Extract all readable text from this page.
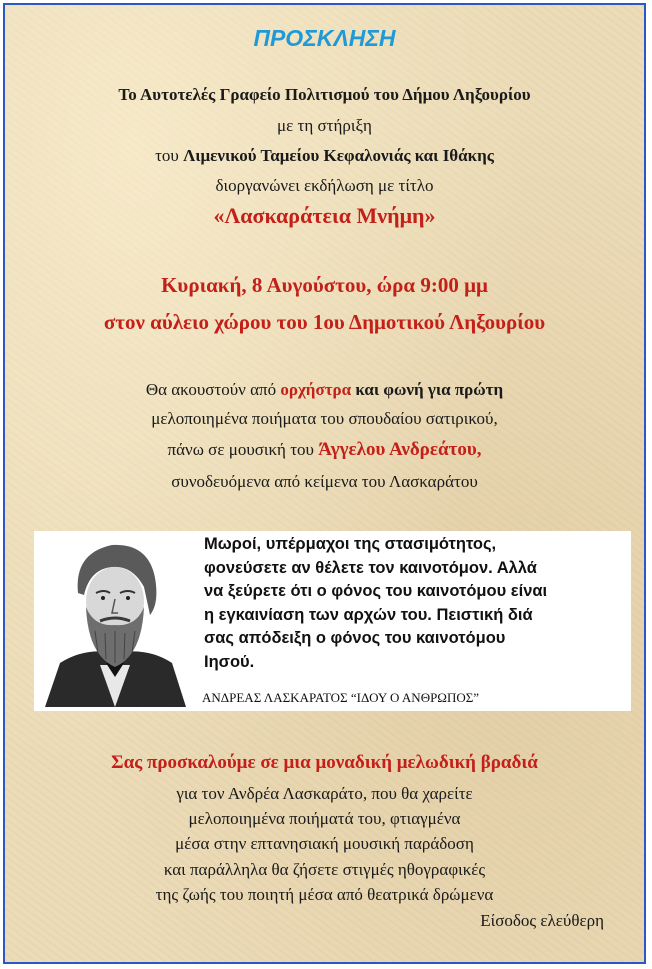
ΠΡΟΣΚΛΗΣΗ
Το Αυτοτελές Γραφείο Πολιτισμού του Δήμου Ληξουρίου
με τη στήριξη
του Λιμενικού Ταμείου Κεφαλονιάς και Ιθάκης
διοργανώνει εκδήλωση με τίτλο
«Λασκαράτεια Μνήμη»
Κυριακή, 8 Αυγούστου, ώρα 9:00 μμ
στον αύλειο χώρου του 1ου Δημοτικού Ληξουρίου
Θα ακουστούν από ορχήστρα και φωνή για πρώτη
μελοποιημένα ποιήματα του σπουδαίου σατιρικού,
πάνω σε μουσική του Άγγελου Ανδρεάτου,
συνοδευόμενα από κείμενα του Λασκαράτου
Μωροί, υπέρμαχοι της στασιμότητος,
φονεύσετε αν θέλετε τον καινοτόμον. Αλλά
να ξεύρετε ότι ο φόνος του καινοτόμου είναι
η εγκαινίαση των αρχών του. Πειστική διά
σας απόδειξη ο φόνος του καινοτόμου
Ιησού.
ΑΝΔΡΕΑΣ ΛΑΣΚΑΡΑΤΟΣ “ΙΔΟΥ Ο ΑΝΘΡΩΠΟΣ”
Σας προσκαλούμε σε μια μοναδική μελωδική βραδιά
για τον Ανδρέα Λασκαράτο, που θα χαρείτε
μελοποιημένα ποιήματά του, φτιαγμένα
μέσα στην επτανησιακή μουσική παράδοση
και παράλληλα θα ζήσετε στιγμές ηθογραφικές
της ζωής του ποιητή μέσα από θεατρικά δρώμενα
Είσοδος ελεύθερη
